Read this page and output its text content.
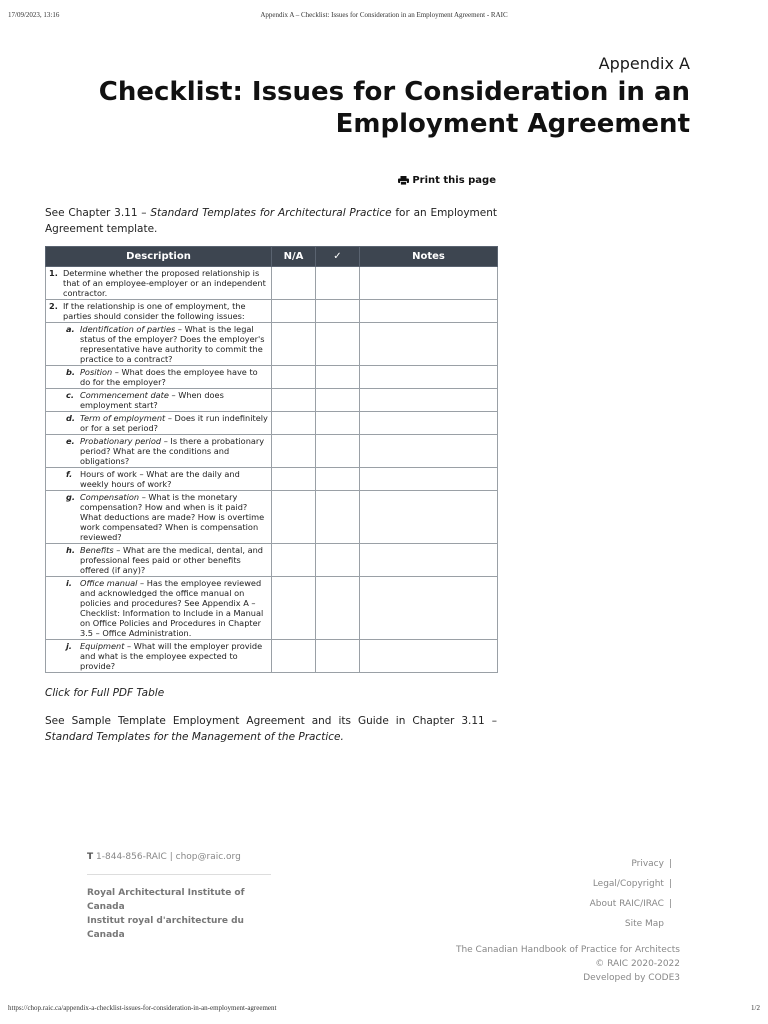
17/09/2023, 13:16	Appendix A – Checklist: Issues for Consideration in an Employment Agreement - RAIC
Appendix A
Checklist: Issues for Consideration in an Employment Agreement
Print this page
See Chapter 3.11 – Standard Templates for Architectural Practice for an Employment Agreement template.
Description	N/A	✓	Notes

1. Determine whether the proposed relationship is that of an employee-employer or an independent contractor.			

2. If the relationship is one of employment, the parties should consider the following issues:			

a. Identification of parties – What is the legal status of the employer? Does the employer's representative have authority to commit the practice to a contract?			

b. Position – What does the employee have to do for the employer?			

c. Commencement date – When does employment start?			

d. Term of employment – Does it run indefinitely or for a set period?			

e. Probationary period – Is there a probationary period? What are the conditions and obligations?			

f. Hours of work – What are the daily and weekly hours of work?			

g. Compensation – What is the monetary compensation? How and when is it paid? What deductions are made? How is overtime work compensated? When is compensation reviewed?			

h. Benefits – What are the medical, dental, and professional fees paid or other benefits offered (if any)?			

i. Office manual – Has the employee reviewed and acknowledged the office manual on policies and procedures? See Appendix A – Checklist: Information to Include in a Manual on Office Policies and Procedures in Chapter 3.5 – Office Administration.			

j. Equipment – What will the employer provide and what is the employee expected to provide?			

Click for Full PDF Table
See Sample Template Employment Agreement and its Guide in Chapter 3.11 – Standard Templates for the Management of the Practice.
T 1-844-856-RAIC | chop@raic.org
Royal Architectural Institute of Canada
Institut royal d'architecture du Canada
Privacy |
Legal/Copyright |
About RAIC/IRAC |
Site Map
The Canadian Handbook of Practice for Architects
© RAIC 2020-2022
Developed by CODE3
https://chop.raic.ca/appendix-a-checklist-issues-for-consideration-in-an-employment-agreement	1/2
